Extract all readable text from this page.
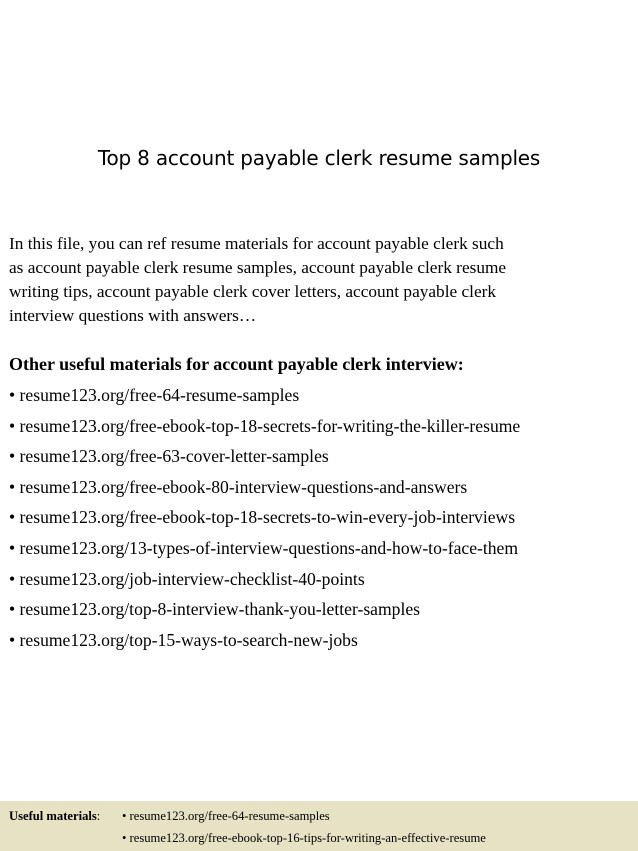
Top 8 account payable clerk resume samples
In this file, you can ref resume materials for account payable clerk such
as account payable clerk resume samples, account payable clerk resume
writing tips, account payable clerk cover letters, account payable clerk
interview questions with answers…
Other useful materials for account payable clerk interview:
• resume123.org/free-64-resume-samples
• resume123.org/free-ebook-top-18-secrets-for-writing-the-killer-resume
• resume123.org/free-63-cover-letter-samples
• resume123.org/free-ebook-80-interview-questions-and-answers
• resume123.org/free-ebook-top-18-secrets-to-win-every-job-interviews
• resume123.org/13-types-of-interview-questions-and-how-to-face-them
• resume123.org/job-interview-checklist-40-points
• resume123.org/top-8-interview-thank-you-letter-samples
• resume123.org/top-15-ways-to-search-new-jobs
Useful materials: • resume123.org/free-64-resume-samples
• resume123.org/free-ebook-top-16-tips-for-writing-an-effective-resume
